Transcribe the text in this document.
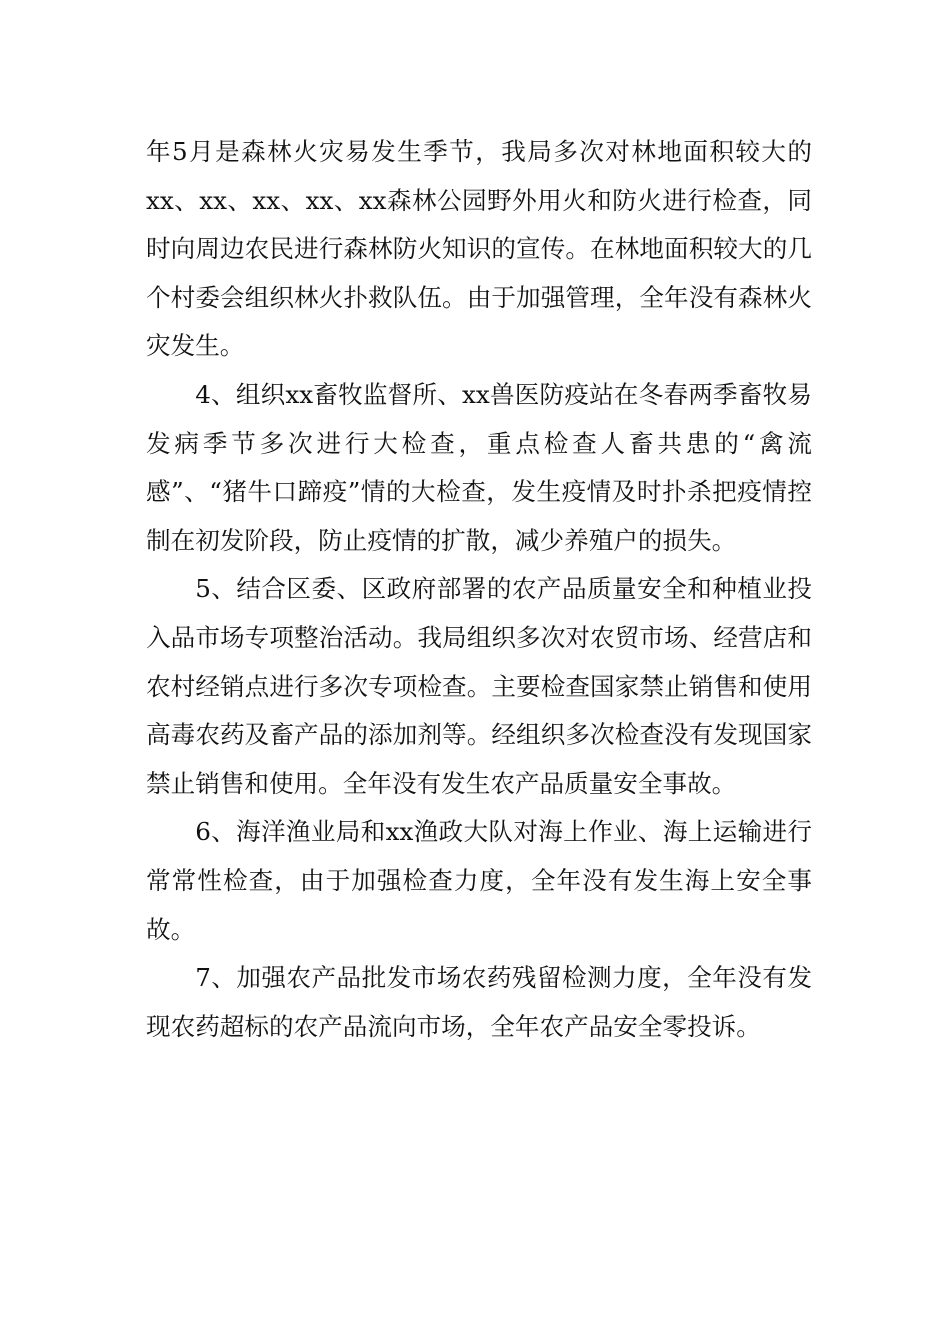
年5月是森林火灾易发生季节，我局多次对林地面积较大的xx、xx、xx、xx、xx森林公园野外用火和防火进行检查，同时向周边农民进行森林防火知识的宣传。在林地面积较大的几个村委会组织林火扑救队伍。由于加强管理，全年没有森林火灾发生。

4、组织xx畜牧监督所、xx兽医防疫站在冬春两季畜牧易发病季节多次进行大检查，重点检查人畜共患的“禽流感”、“猪牛口蹄疫”情的大检查，发生疫情及时扑杀把疫情控制在初发阶段，防止疫情的扩散，减少养殖户的损失。

5、结合区委、区政府部署的农产品质量安全和种植业投入品市场专项整治活动。我局组织多次对农贸市场、经营店和农村经销点进行多次专项检查。主要检查国家禁止销售和使用高毒农药及畜产品的添加剂等。经组织多次检查没有发现国家禁止销售和使用。全年没有发生农产品质量安全事故。

6、海洋渔业局和xx渔政大队对海上作业、海上运输进行常常性检查，由于加强检查力度，全年没有发生海上安全事故。

7、加强农产品批发市场农药残留检测力度，全年没有发现农药超标的农产品流向市场，全年农产品安全零投诉。
